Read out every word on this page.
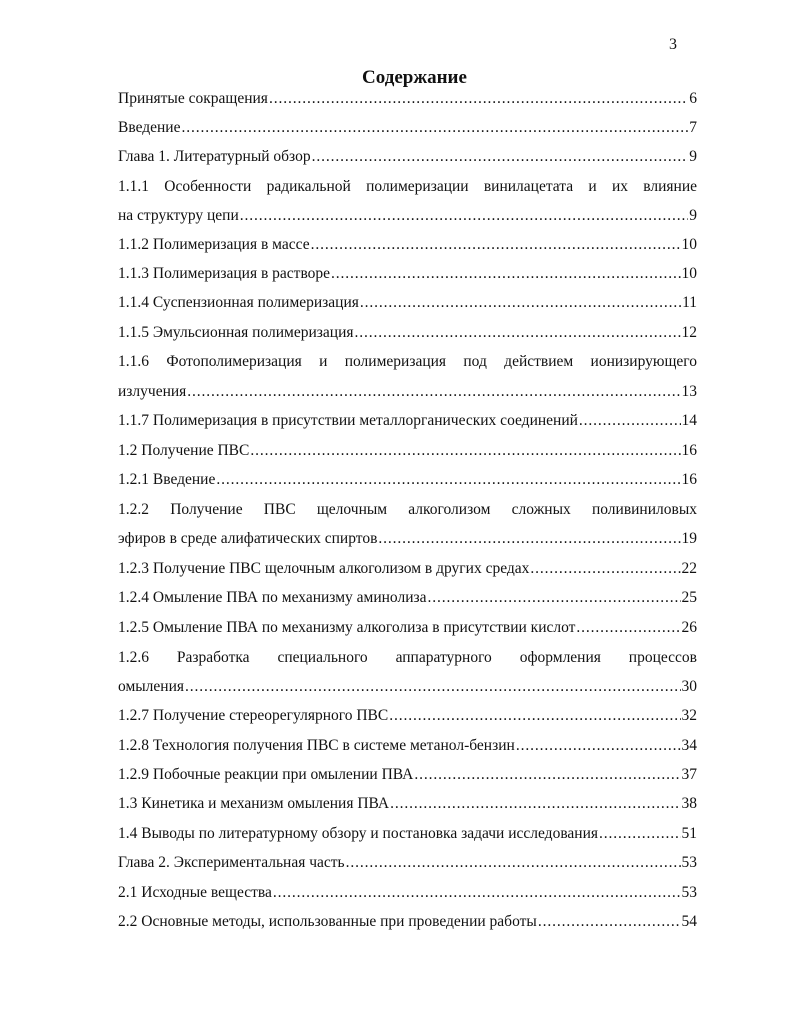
3
Содержание
Принятые сокращения . . .	6
Введение . . .	7
Глава 1. Литературный обзор . . .	9
1.1.1 Особенности радикальной полимеризации винилацетата и их влияние
на структуру цепи . . .	9
1.1.2 Полимеризация в массе . . .	10
1.1.3 Полимеризация в растворе . . .	10
1.1.4 Суспензионная полимеризация . . .	11
1.1.5 Эмульсионная полимеризация . . .	12
1.1.6 Фотополимеризация и полимеризация под действием ионизирующего
излучения . . .	13
1.1.7 Полимеризация в присутствии металлорганических соединений . . .	14
1.2 Получение ПВС . . .	16
1.2.1 Введение . . .	16
1.2.2 Получение ПВС щелочным алкоголизом сложных поливиниловых
эфиров в среде алифатических спиртов . . .	19
1.2.3 Получение ПВС щелочным алкоголизом в других средах . . .	22
1.2.4 Омыление ПВА по механизму аминолиза . . .	25
1.2.5 Омыление ПВА по механизму алкоголиза в присутствии кислот . . .	26
1.2.6 Разработка специального аппаратурного оформления процессов
омыления . . .	30
1.2.7 Получение стереорегулярного ПВС . . .	32
1.2.8 Технология получения ПВС в системе метанол-бензин . . .	34
1.2.9 Побочные реакции при омылении ПВА . . .	37
1.3 Кинетика и механизм омыления ПВА . . .	38
1.4 Выводы по литературному обзору и постановка задачи исследования . . .	51
Глава 2. Экспериментальная часть . . .	53
2.1 Исходные вещества . . .	53
2.2 Основные методы, использованные при проведении работы . . .	54
